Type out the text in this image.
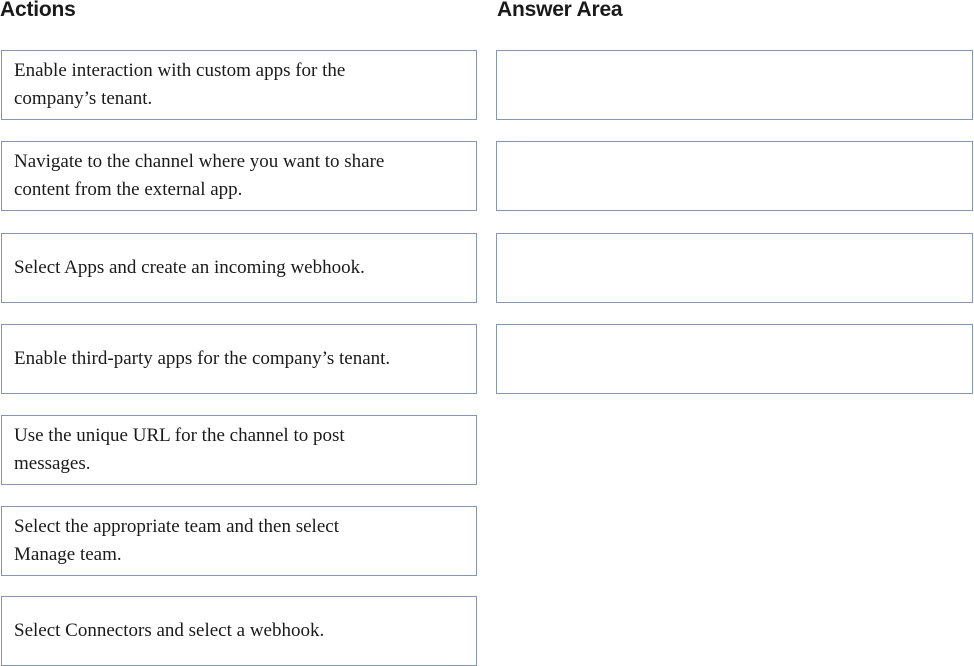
Actions	Answer Area
Enable interaction with custom apps for the
company’s tenant.
Navigate to the channel where you want to share
content from the external app.
Select Apps and create an incoming webhook.
Enable third-party apps for the company’s tenant.
Use the unique URL for the channel to post
messages.
Select the appropriate team and then select
Manage team.
Select Connectors and select a webhook.
